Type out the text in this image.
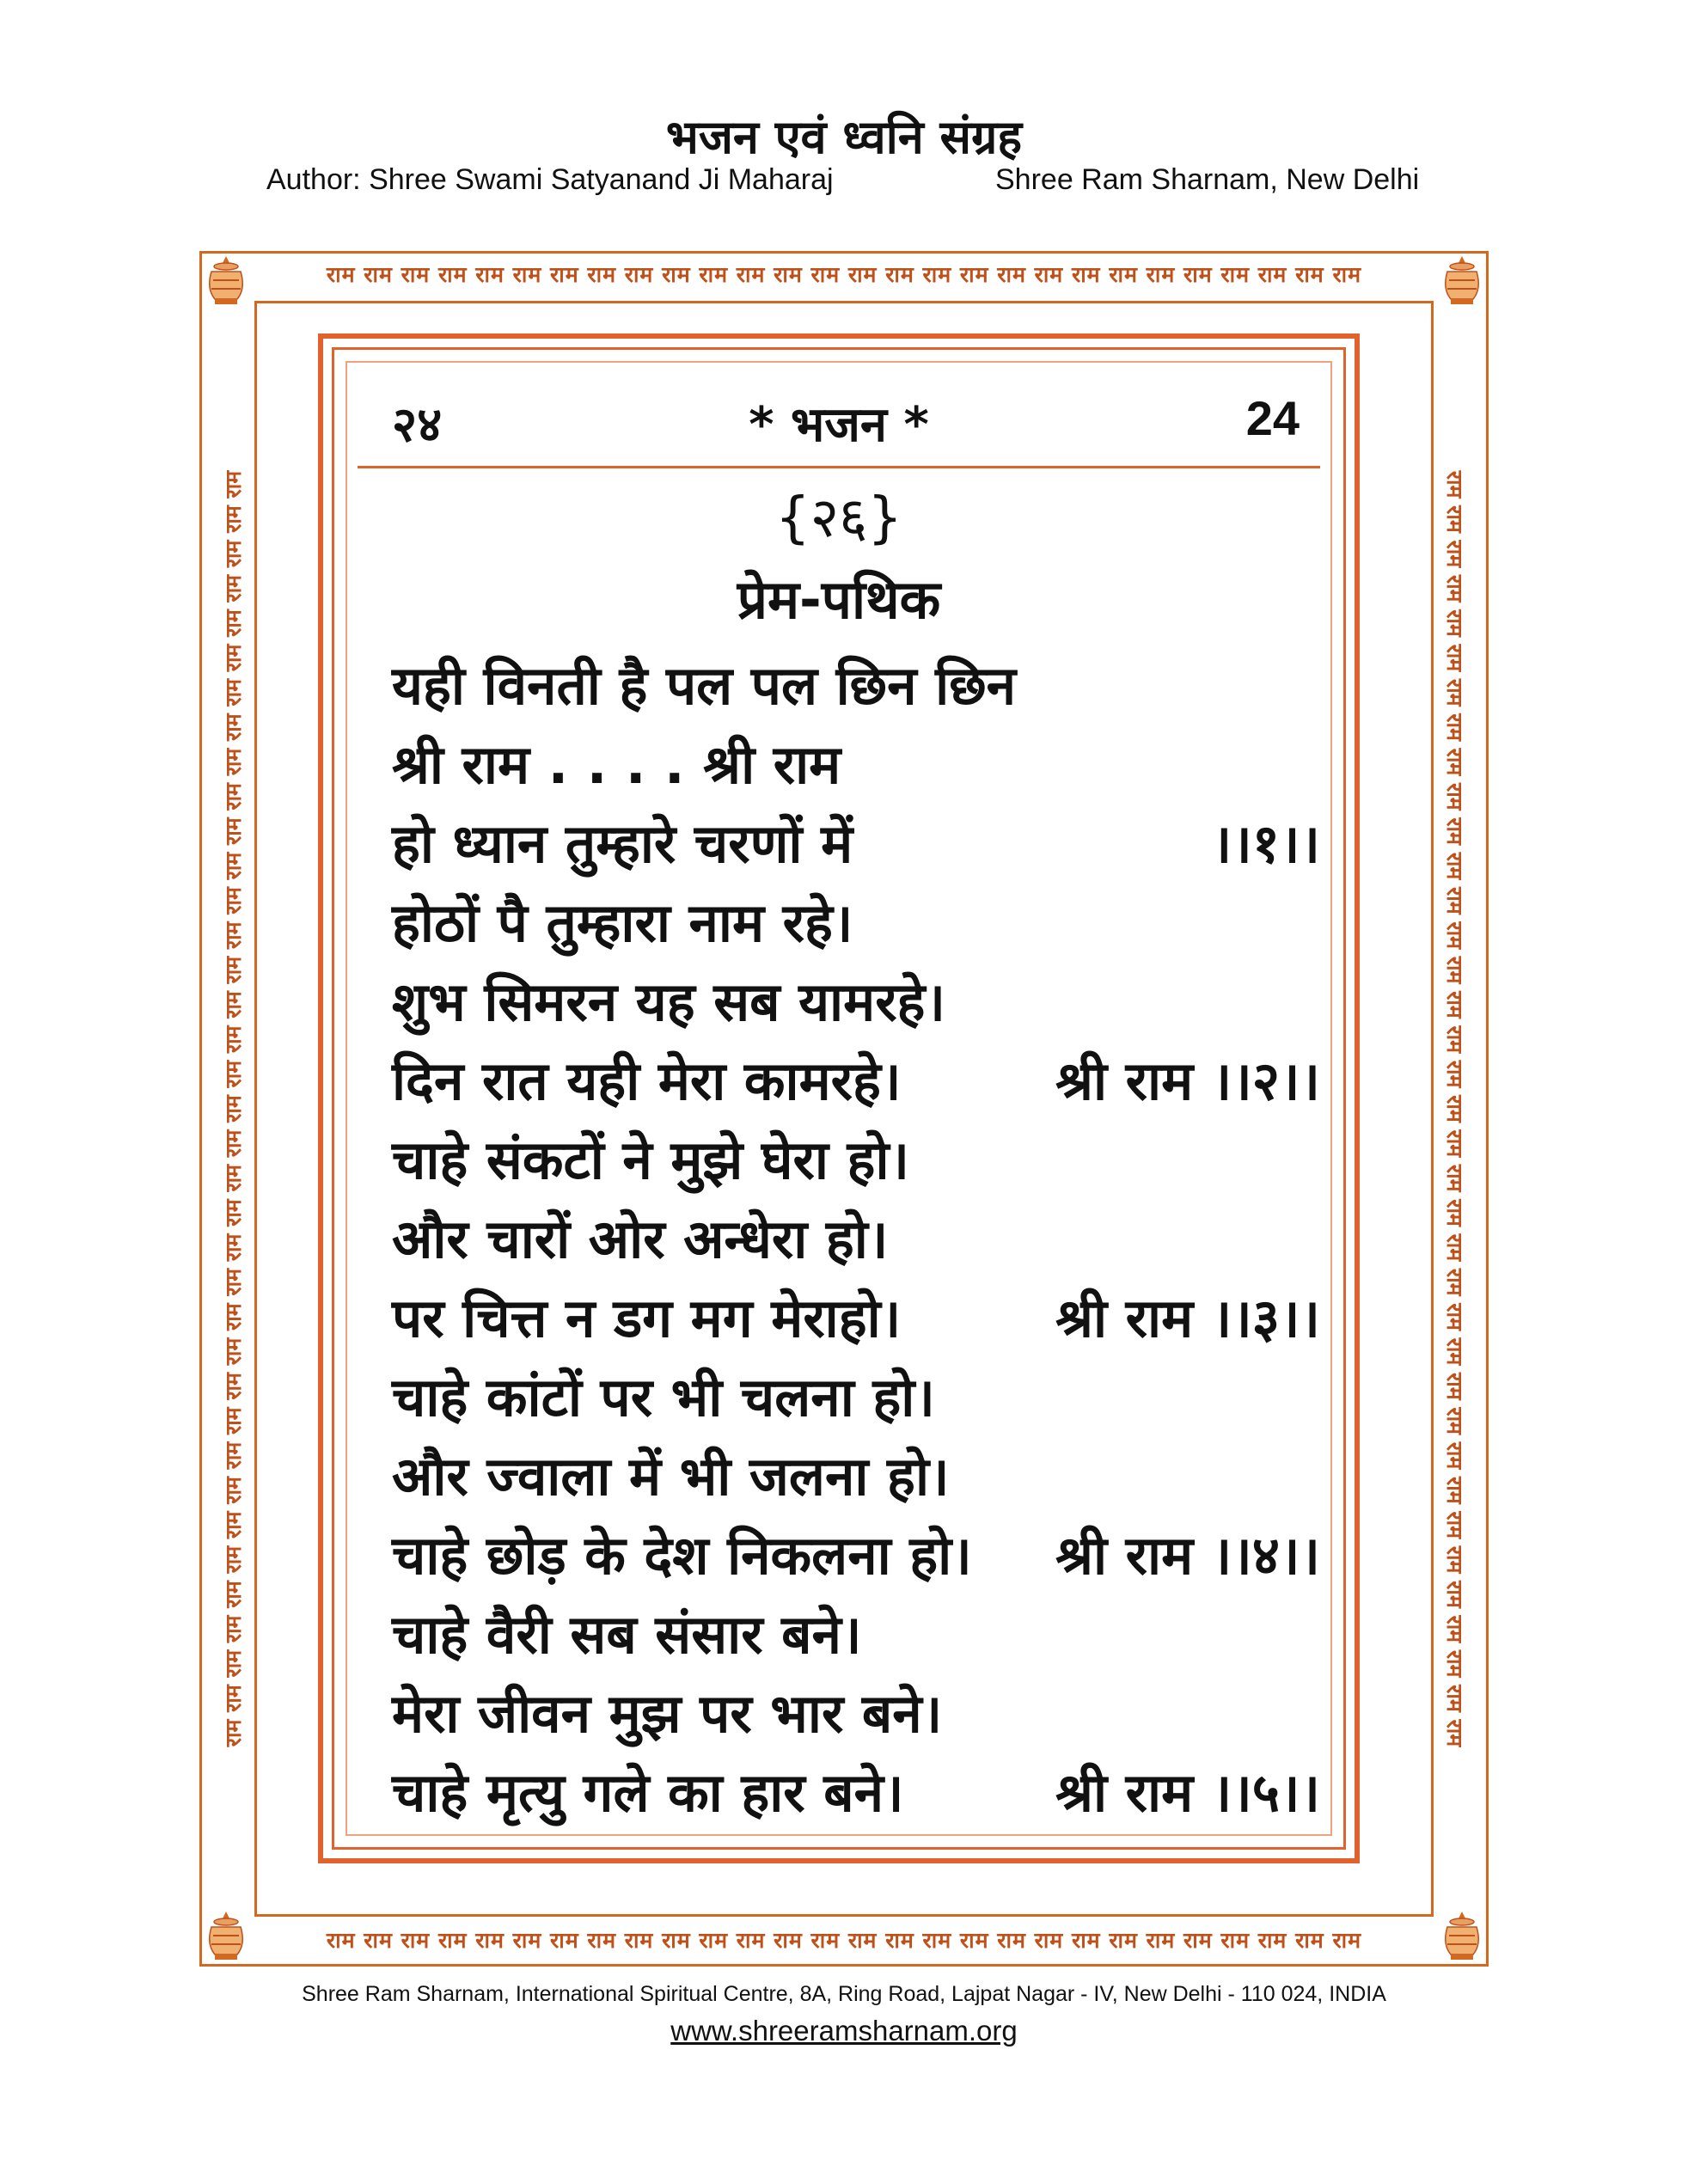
भजन एवं ध्वनि संग्रह
Author: Shree Swami Satyanand Ji Maharaj	Shree Ram Sharnam, New Delhi
राम राम राम राम राम राम राम राम राम राम राम राम राम राम राम राम राम राम राम राम राम राम राम राम राम राम राम राम
राम राम राम राम राम राम राम राम राम राम राम राम राम राम राम राम राम राम राम राम राम राम राम राम राम राम राम राम
राम राम राम राम राम राम राम राम राम राम राम राम राम राम राम राम राम राम राम राम राम राम राम राम राम राम राम राम राम राम राम राम राम राम राम राम राम	राम राम राम राम राम राम राम राम राम राम राम राम राम राम राम राम राम राम राम राम राम राम राम राम राम राम राम राम राम राम राम राम राम राम राम राम राम
२४	* भजन *	24
{२६}
प्रेम-पथिक
यही विनती है पल पल छिन छिन
श्री राम . . . . श्री राम
हो ध्यान तुम्हारे चरणों में	।।१।।
होठों पै तुम्हारा नाम रहे।
शुभ सिमरन यह सब यामरहे।
दिन रात यही मेरा कामरहे।	श्री राम ।।२।।
चाहे संकटों ने मुझे घेरा हो।
और चारों ओर अन्धेरा हो।
पर चित्त न डग मग मेराहो।	श्री राम ।।३।।
चाहे कांटों पर भी चलना हो।
और ज्वाला में भी जलना हो।
चाहे छोड़ के देश निकलना हो। श्री राम ।।४।।
चाहे वैरी सब संसार बने।
मेरा जीवन मुझ पर भार बने।
चाहे मृत्यु गले का हार बने।	श्री राम ।।५।।
Shree Ram Sharnam, International Spiritual Centre, 8A, Ring Road, Lajpat Nagar - IV, New Delhi - 110 024, INDIA
www.shreeramsharnam.org
